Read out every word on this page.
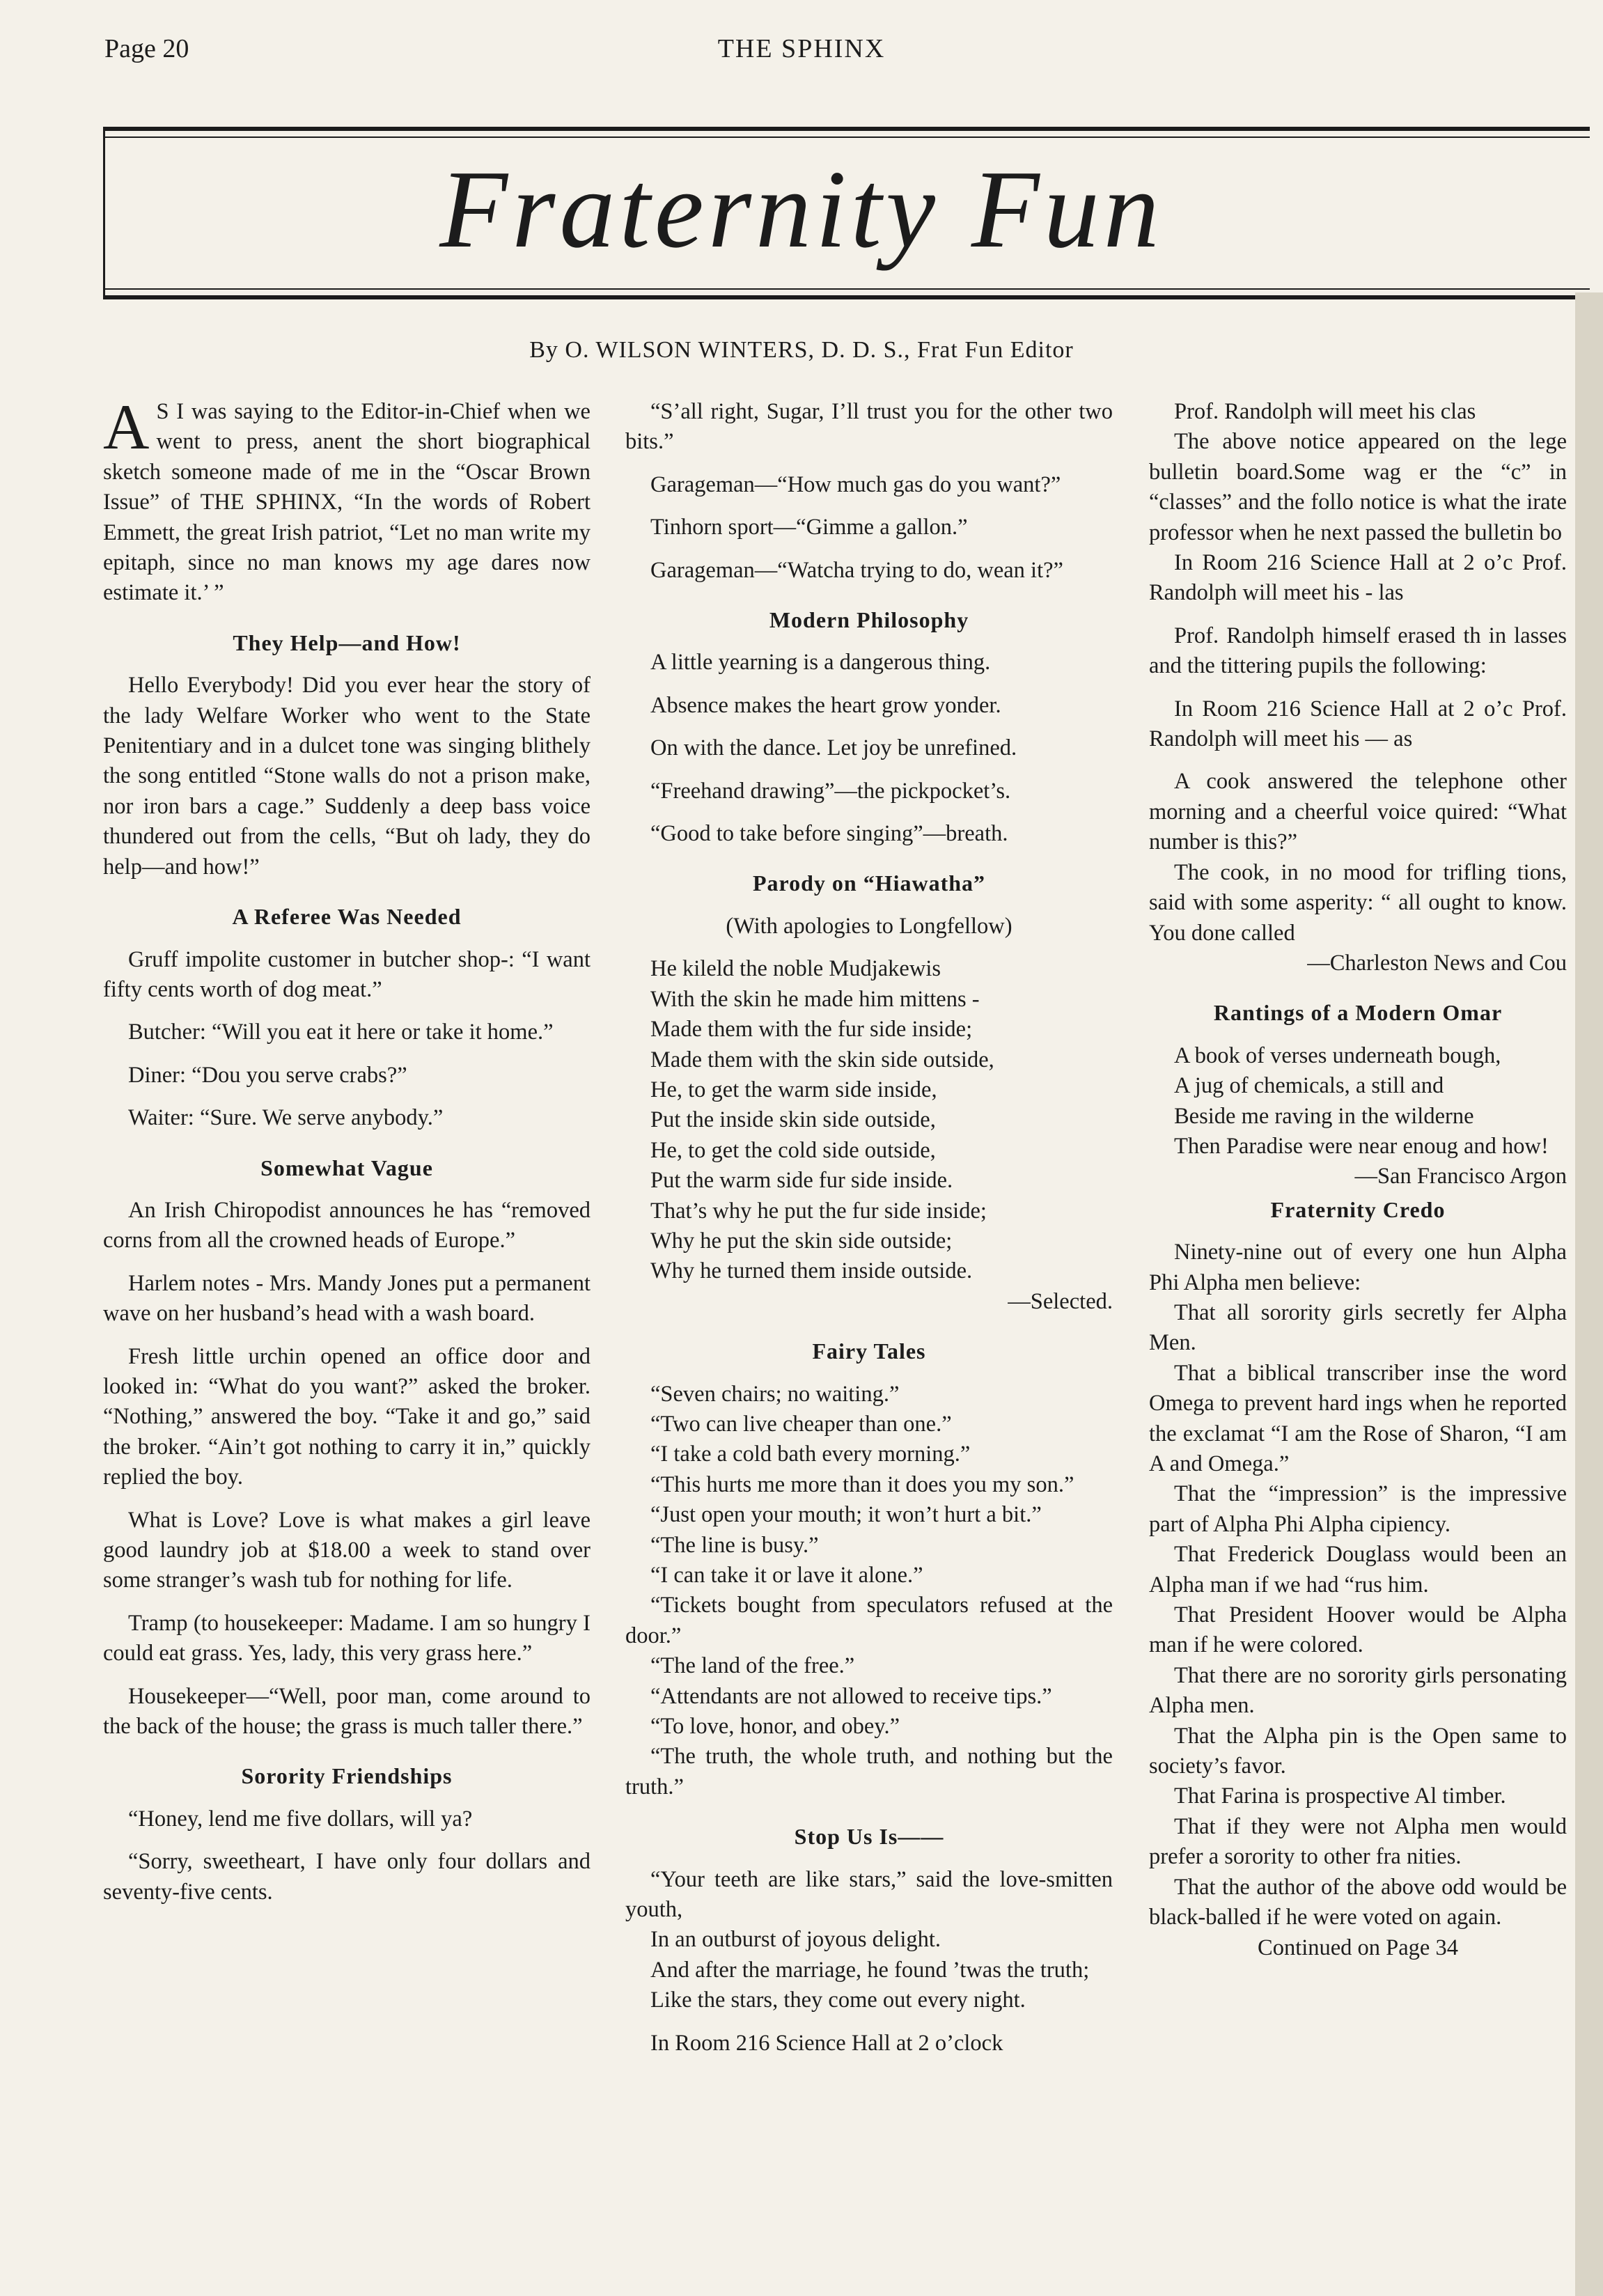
Page 20	THE SPHINX
Fraternity Fun
By O. WILSON WINTERS, D. D. S., Frat Fun Editor

A S I was saying to the Editor-in-Chief when we went to press, anent the short biographical sketch someone made of me in the “Oscar Brown Issue” of THE SPHINX, “In the words of Robert Emmett, the great Irish patriot, “Let no man write my epitaph, since no man knows my age dares now estimate it.’ ”

They Help—and How!

Hello Everybody! Did you ever hear the story of the lady Welfare Worker who went to the State Penitentiary and in a dulcet tone was singing blithely the song entitled “Stone walls do not a prison make, nor iron bars a cage.” Suddenly a deep bass voice thundered out from the cells, “But oh lady, they do help—and how!”

A Referee Was Needed

Gruff impolite customer in butcher shop-: “I want fifty cents worth of dog meat.”

Butcher: “Will you eat it here or take it home.”

Diner: “Dou you serve crabs?”

Waiter: “Sure. We serve anybody.”

Somewhat Vague

An Irish Chiropodist announces he has “removed corns from all the crowned heads of Europe.”

Harlem notes - Mrs. Mandy Jones put a permanent wave on her husband’s head with a wash board.

Fresh little urchin opened an office door and looked in: “What do you want?” asked the broker. “Nothing,” answered the boy. “Take it and go,” said the broker. “Ain’t got nothing to carry it in,” quickly replied the boy.

What is Love? Love is what makes a girl leave good laundry job at $18.00 a week to stand over some stranger’s wash tub for nothing for life.

Tramp (to housekeeper: Madame. I am so hungry I could eat grass. Yes, lady, this very grass here.”

Housekeeper—“Well, poor man, come around to the back of the house; the grass is much taller there.”

Sorority Friendships

“Honey, lend me five dollars, will ya?

“Sorry, sweetheart, I have only four dollars and seventy-five cents.

“S’all right, Sugar, I’ll trust you for the other two bits.”

Garageman—“How much gas do you want?”

Tinhorn sport—“Gimme a gallon.”

Garageman—“Watcha trying to do, wean it?”

Modern Philosophy

A little yearning is a dangerous thing.

Absence makes the heart grow yonder.

On with the dance. Let joy be unrefined.

“Freehand drawing”—the pickpocket’s.

“Good to take before singing”—breath.

Parody on “Hiawatha”

(With apologies to Longfellow)

He kileld the noble Mudjakewis

With the skin he made him mittens -

Made them with the fur side inside;

Made them with the skin side outside,

He, to get the warm side inside,

Put the inside skin side outside,

He, to get the cold side outside,

Put the warm side fur side inside.

That’s why he put the fur side inside;

Why he put the skin side outside;

Why he turned them inside outside.

—Selected.

Fairy Tales

“Seven chairs; no waiting.”

“Two can live cheaper than one.”

“I take a cold bath every morning.”

“This hurts me more than it does you my son.”

“Just open your mouth; it won’t hurt a bit.”

“The line is busy.”

“I can take it or lave it alone.”

“Tickets bought from speculators refused at the door.”

“The land of the free.”

“Attendants are not allowed to receive tips.”

“To love, honor, and obey.”

“The truth, the whole truth, and nothing but the truth.”

Stop Us Is——

“Your teeth are like stars,” said the love-smitten youth,

In an outburst of joyous delight.

And after the marriage, he found ’twas the truth;

Like the stars, they come out every night.

In Room 216 Science Hall at 2 o’clock

Prof. Randolph will meet his clas

The above notice appeared on the lege bulletin board.Some wag er the “c” in “classes” and the follo notice is what the irate professor when he next passed the bulletin bo

In Room 216 Science Hall at 2 o’c Prof. Randolph will meet his - las

Prof. Randolph himself erased th in lasses and the tittering pupils the following:

In Room 216 Science Hall at 2 o’c Prof. Randolph will meet his — as

A cook answered the telephone other morning and a cheerful voice quired: “What number is this?”

The cook, in no mood for trifling tions, said with some asperity: “ all ought to know. You done called

—Charleston News and Cou

Rantings of a Modern Omar

A book of verses underneath bough,

A jug of chemicals, a still and

Beside me raving in the wilderne

Then Paradise were near enoug and how!

—San Francisco Argon

Fraternity Credo

Ninety-nine out of every one hun Alpha Phi Alpha men believe:

That all sorority girls secretly fer Alpha Men.

That a biblical transcriber inse the word Omega to prevent hard ings when he reported the exclamat “I am the Rose of Sharon, “I am A and Omega.”

That the “impression” is the impressive part of Alpha Phi Alpha cipiency.

That Frederick Douglass would been an Alpha man if we had “rus him.

That President Hoover would be Alpha man if he were colored.

That there are no sorority girls personating Alpha men.

That the Alpha pin is the Open same to society’s favor.

That Farina is prospective Al timber.

That if they were not Alpha men would prefer a sorority to other fra nities.

That the author of the above odd would be black-balled if he were voted on again.

Continued on Page 34
